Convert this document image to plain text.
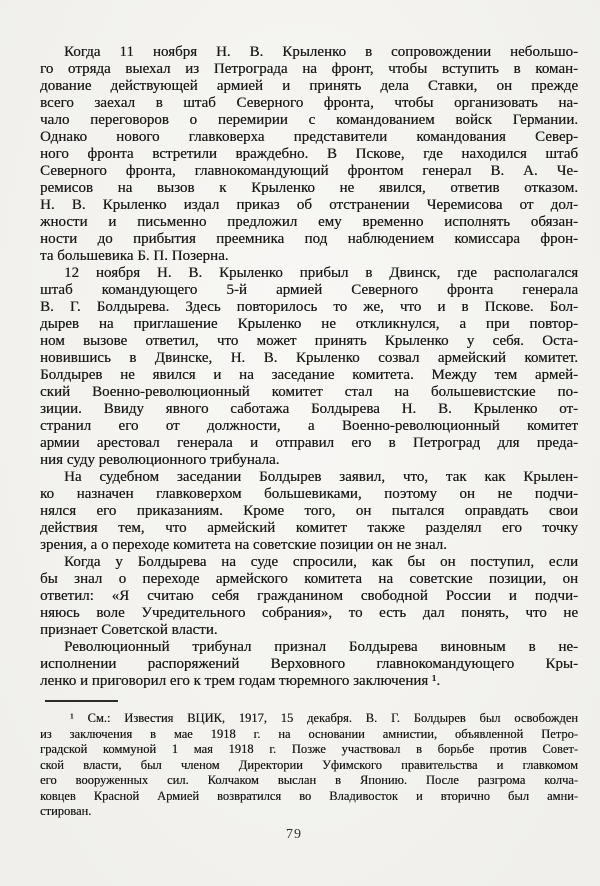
Когда 11 ноября Н. В. Крыленко в сопровождении небольшо-
го отряда выехал из Петрограда на фронт, чтобы вступить в коман-
дование действующей армией и принять дела Ставки, он прежде
всего заехал в штаб Северного фронта, чтобы организовать на-
чало переговоров о перемирии с командованием войск Германии.
Однако нового главковерха представители командования Север-
ного фронта встретили враждебно. В Пскове, где находился штаб
Северного фронта, главнокомандующий фронтом генерал В. А. Че-
ремисов на вызов к Крыленко не явился, ответив отказом.
Н. В. Крыленко издал приказ об отстранении Черемисова от дол-
жности и письменно предложил ему временно исполнять обязан-
ности до прибытия преемника под наблюдением комиссара фрон-
та большевика Б. П. Позерна.
12 ноября Н. В. Крыленко прибыл в Двинск, где располагался
штаб командующего 5-й армией Северного фронта генерала
В. Г. Болдырева. Здесь повторилось то же, что и в Пскове. Бол-
дырев на приглашение Крыленко не откликнулся, а при повтор-
ном вызове ответил, что может принять Крыленко у себя. Оста-
новившись в Двинске, Н. В. Крыленко созвал армейский комитет.
Болдырев не явился и на заседание комитета. Между тем армей-
ский Военно-революционный комитет стал на большевистские по-
зиции. Ввиду явного саботажа Болдырева Н. В. Крыленко от-
странил его от должности, а Военно-революционный комитет
армии арестовал генерала и отправил его в Петроград для преда-
ния суду революционного трибунала.
На судебном заседании Болдырев заявил, что, так как Крылен-
ко назначен главковерхом большевиками, поэтому он не подчи-
нялся его приказаниям. Кроме того, он пытался оправдать свои
действия тем, что армейский комитет также разделял его точку
зрения, а о переходе комитета на советские позиции он не знал.
Когда у Болдырева на суде спросили, как бы он поступил, если
бы знал о переходе армейского комитета на советские позиции, он
ответил: «Я считаю себя гражданином свободной России и подчи-
няюсь воле Учредительного собрания», то есть дал понять, что не
признает Советской власти.
Революционный трибунал признал Болдырева виновным в не-
исполнении распоряжений Верховного главнокомандующего Кры-
ленко и приговорил его к трем годам тюремного заключения ¹.
¹ См.: Известия ВЦИК, 1917, 15 декабря. В. Г. Болдырев был освобожден
из заключения в мае 1918 г. на основании амнистии, объявленной Петро-
градской коммуной 1 мая 1918 г. Позже участвовал в борьбе против Совет-
ской власти, был членом Директории Уфимского правительства и главкомом
его вооруженных сил. Колчаком выслан в Японию. После разгрома колча-
ковцев Красной Армией возвратился во Владивосток и вторично был амни-
стирован.
79
